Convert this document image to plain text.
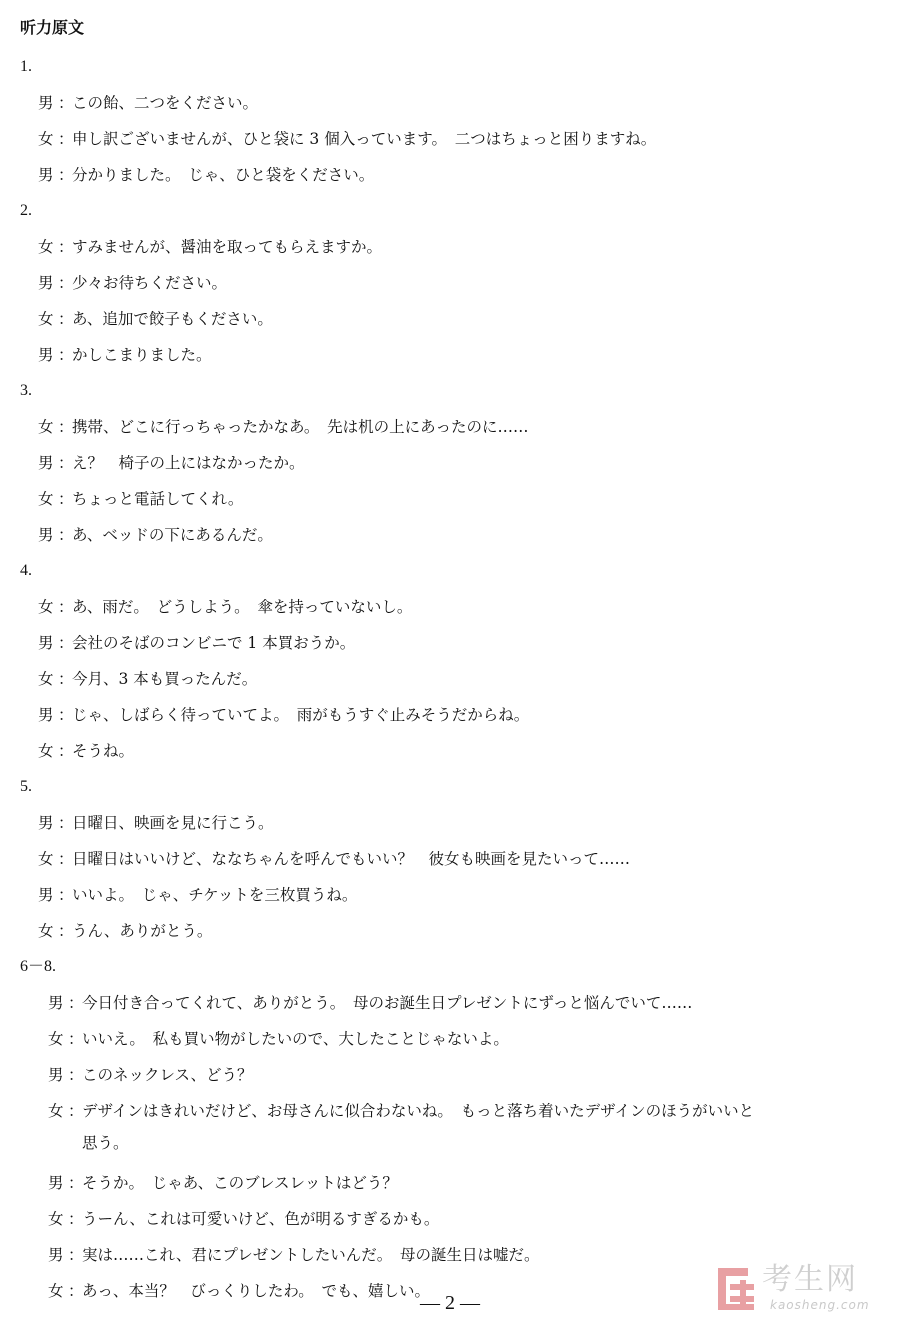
听力原文
1.
男 ：この飴、二つをください。
女 ：申し訳ございませんが、ひと袋に 3 個入っています。　二つはちょっと困りますね。
男 ：分かりました。　じゃ、ひと袋をください。
2.
女 ：すみませんが、醤油を取ってもらえますか。
男 ：少々お待ちください。
女 ：あ、追加で餃子もください。
男 ：かしこまりました。
3.
女 ：携帯、どこに行っちゃったかなあ。　先は机の上にあったのに……
男 ：え？　椅子の上にはなかったか。
女 ：ちょっと電話してくれ。
男 ：あ、ベッドの下にあるんだ。
4.
女 ：あ、雨だ。　どうしよう。　傘を持っていないし。
男 ：会社のそばのコンビニで 1 本買おうか。
女 ：今月、3 本も買ったんだ。
男 ：じゃ、しばらく待っていてよ。　雨がもうすぐ止みそうだからね。
女 ：そうね。
5.
男 ：日曜日、映画を見に行こう。
女 ：日曜日はいいけど、ななちゃんを呼んでもいい？　彼女も映画を見たいって……
男 ：いいよ。　じゃ、チケットを三枚買うね。
女 ：うん、ありがとう。
6－8.
男 ：今日付き合ってくれて、ありがとう。　母のお誕生日プレゼントにずっと悩んでいて……
女 ：いいえ。　私も買い物がしたいので、大したことじゃないよ。
男 ：このネックレス、どう？
女 ：デザインはきれいだけど、お母さんに似合わないね。　もっと落ち着いたデザインのほうがいいと
思う。
男 ：そうか。　じゃあ、このブレスレットはどう？
女 ：うーん、これは可愛いけど、色が明るすぎるかも。
男 ：実は……これ、君にプレゼントしたいんだ。　母の誕生日は嘘だ。
女 ：あっ、本当？　びっくりしたわ。　でも、嬉しい。
— 2 —
考生网
kaosheng.com
